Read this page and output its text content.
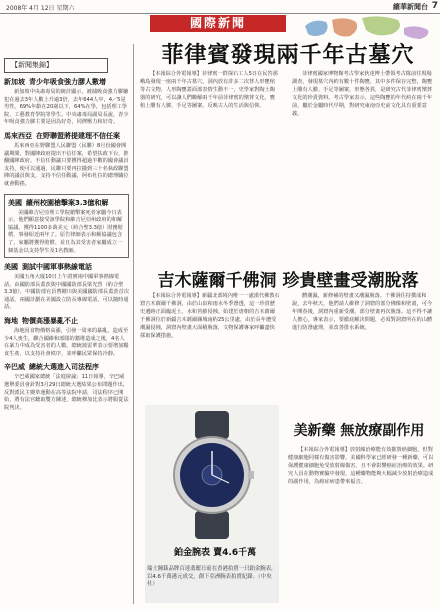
2008年 4月 12日 星期六	繽華新聞台 7
國際新聞
【新聞集錦】
新加坡 青少年吸食強力膠人數增
新加坡中央肅毒局的統計顯示，被捕吸食強力膠嫌犯在過去3年人數上升逾3倍，去年644人中，4／5是男性，69%年齡在20歲以下，64%在學，包括理工學院、工藝教育學院等學生。中央肅毒局副局長說，青少年吸食強力膠主要是因為好奇，同儕壓力和好奇。
馬來西亞 在野聯盟將提建理不信任案
馬來西亞在野聯盟人民聯盟（民聯）8月份國會開議期間，對國陣政府提出不信任案，希望扶政下台，推翻國陣政府。不信任動議只要獲得超過半數的國會議員支持，使可以通過，民聯只要再拉攏到三十名執政聯盟陣的議員與支，支持不信任動議，阿布杜拉的總理職位就會動搖。
美國 繽州校園槍擊案3.3億和解
美國維吉尼亞理工學院槍擊案死者家屬今日表示，他們願意接受該學院和維吉尼亞州政府的和解協議，獲得1100多萬美元（約合聖3.3億）財務賠償，事發紹近兩年了。原告律師表示和解協議包含了，家屬將獲得賠償、並且為其受害者家屬成立一個基金以支持學生及1名教師。
美國 測試中國軍事熱線電話
美國五角大廈10日上午證實兩中國軍事熱線電話，由國防部長蓋茨與中國國防部長梁光烈（約合聖3.3億），中國防部官員曹剛川與美國國防部長蓋茨首次通話。兩國計劃在美國設立防長專線電話，可以隨時通話。
海地 物價高漲暴亂不止
海地因食物價格高漲，引發一周來的暴亂，造成至少4人喪生，聯合國維和部隊的牆堆造成之後，4名人在暴力中成為受害者的人數。總統蒲雷華表示要增加糧食生產，以支持社會秩序，並呼籲民眾保持冷靜。
辛巴威 總統大選進入司法程序
辛巴威國家總統「法庭辯論」11日報導，辛巴威選舉委員會針對3月29日總統大選結果公布問題作出，反對派民主變革運動在高等法院申請，司法程序已開始，將有法官聽取雙方陳述，總統穆加比表示將服從法院判決。
菲律賓發現兩千年古墓穴
【本報綜合外電報導】菲律賓一群探石工人5日在民答那峨島發現一座兩千年古墓穴，洞內放有許多二次葬人形甕棺等古文物，人形陶甕蓋面部表情生動不一，史學家對陶土陶器的研究，可以讓人們瞭解兩千年前菲律賓的殯葬文化，甕棺上雕有人臉、手足等圖案，反映古人的生活與信仰。
菲律賓國家博物館考古學家狄達博士帶領考古隊前往現場調查，發現墓穴內約有數十件陶甕，其中多件保存完整，陶甕上雕有人臉、手足等圖案，形態各異，是研究古代菲律賓殯葬文化的珍貴資料。考古學家表示，這些陶甕的年代約在兩千年前，屬於金屬時代早期，對研究東南亞史前文化具有重要意義。
吉木薩爾千佛洞 珍貴壁畫受潮脫落
【本報綜合外電報導】新疆北部境內唯一一處漢代佛教石窟吉木薩爾千佛洞，由於山泉和雨水冬季滲透，這一珍貴歷史遺跡正面臨泥土、水和苔蘚侵蝕。始建於唐朝的吉木薩爾千佛洞位於新疆吉木薩爾縣城南約25公里處，由於長年遭受潮濕侵蝕，洞窟內壁畫大面積脫落，文物保護專家呼籲盡快採取保護措施。
體潮濕，新修補的壁畫又潮濕脫落。千佛洞住持撰成和說，去年秋天，他們請人維修了洞窟的部分佛像和壁畫，可今年開春後，洞窟內重新受潮，部分壁畫再次脫落。這不得不讓人擔心。專家表示，要徹底解決問題，必須對洞窟所在的山體進行防滲處理，並改善排水系統。
鉑金腕表 賣4.6千萬
瑞士鐘錶品牌百達翡麗日前在香港拍賣一只鉑金腕表，以4.6千萬港元成交，創下亞洲腕表拍賣紀錄。（中央社）
美新藥 無放療副作用
【本報綜合外電報導】放射線治療能有效摧毀癌細胞，但對健康細胞同樣有傷害影響。美國科學家已經研發一種新藥，可以保護健康細胞免受放射線傷害，且不會影響癌症治療的效果。研究人員在動物實驗中發現，這種藥物能夠大幅減少放射治療造成的副作用，為癌症病患帶來福音。
